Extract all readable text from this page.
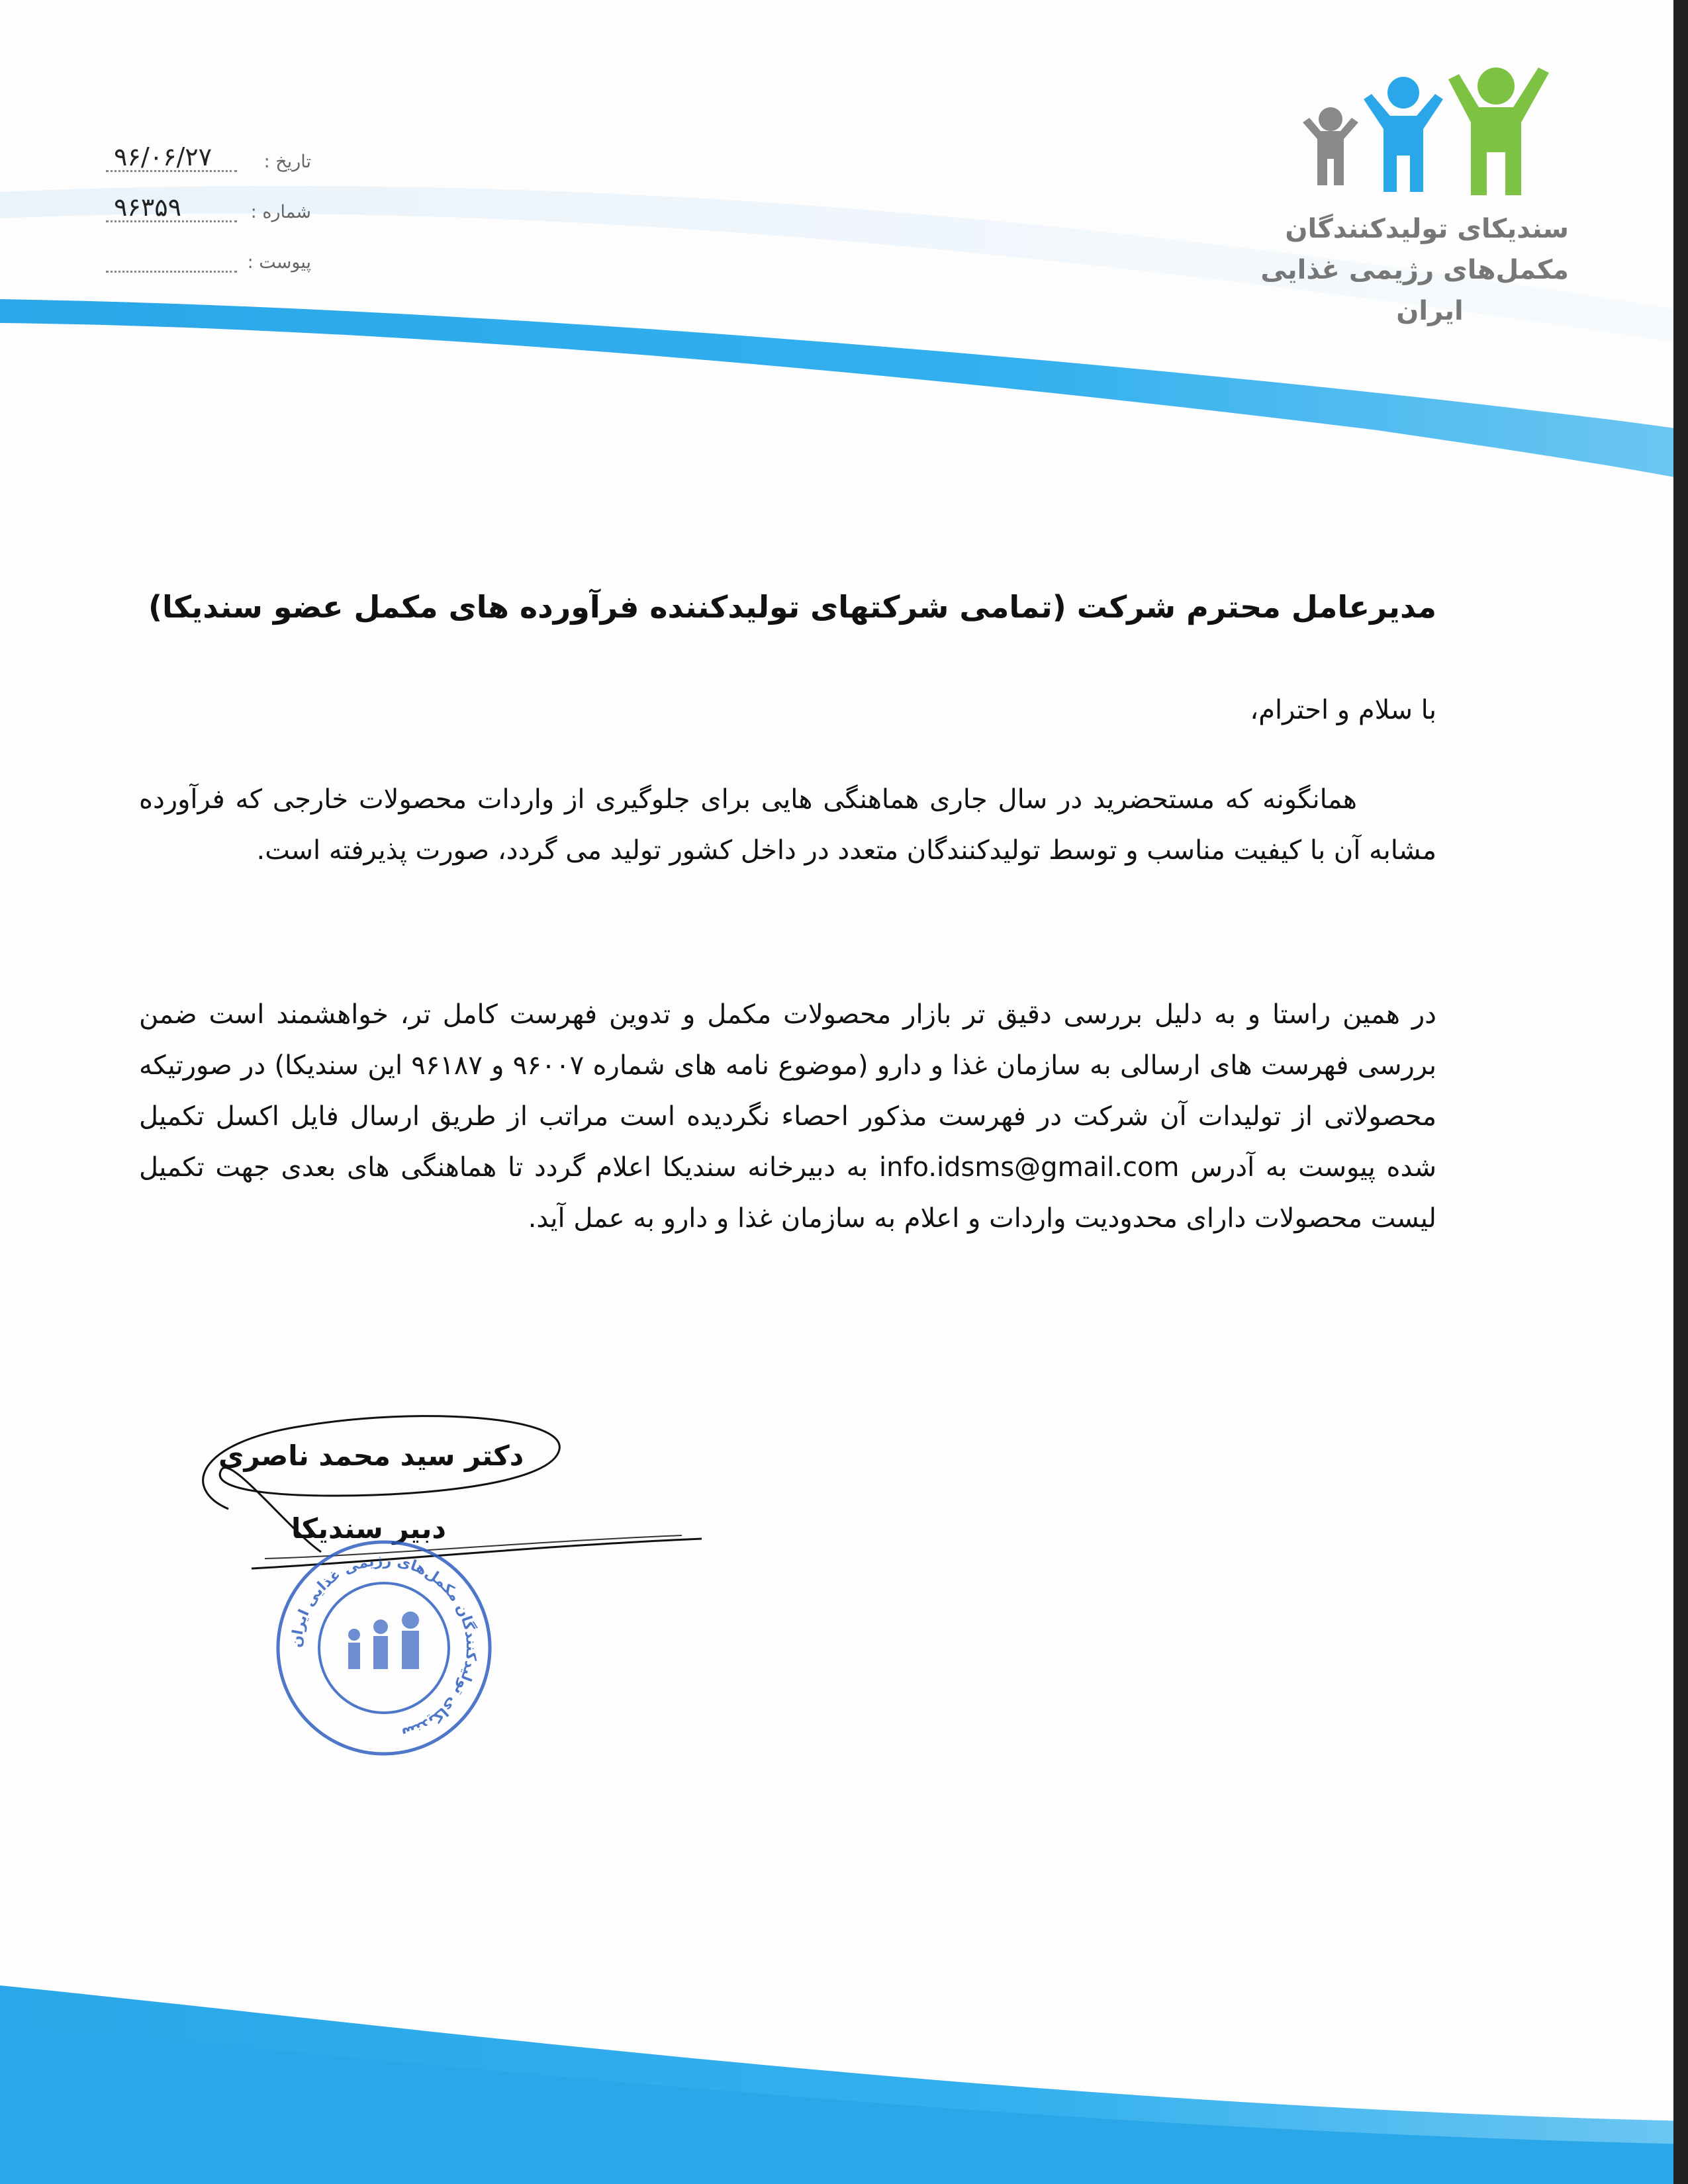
تاریخ :
۹۶/۰۶/۲۷
شماره :
۹۶۳۵۹
پیوست :
سندیکای تولیدکنندگان
مکمل‌های رژیمی غذایی
ایران
مدیرعامل محترم شرکت (تمامی شرکتهای تولیدکننده فرآورده های مکمل عضو سندیکا)
با سلام و احترام،
همانگونه که مستحضرید در سال جاری هماهنگی هایی برای جلوگیری از واردات محصولات خارجی که فرآورده مشابه آن با کیفیت مناسب و توسط تولیدکنندگان متعدد در داخل کشور تولید می گردد، صورت پذیرفته است.
در همین راستا و به دلیل بررسی دقیق تر بازار محصولات مکمل و تدوین فهرست کامل تر، خواهشمند است ضمن بررسی فهرست های ارسالی به سازمان غذا و دارو (موضوع نامه های شماره ۹۶۰۰۷ و ۹۶۱۸۷ این سندیکا) در صورتیکه محصولاتی از تولیدات آن شرکت در فهرست مذکور احصاء نگردیده است مراتب از طریق ارسال فایل اکسل تکمیل شده پیوست به آدرس info.idsms@gmail.com به دبیرخانه سندیکا اعلام گردد تا هماهنگی های بعدی جهت تکمیل لیست محصولات دارای محدودیت واردات و اعلام به سازمان غذا و دارو به عمل آید.
دکتر سید محمد ناصری
دبیر سندیکا
سندیکای تولیدکنندگان مکمل‌های رژیمی غذایی ایران
